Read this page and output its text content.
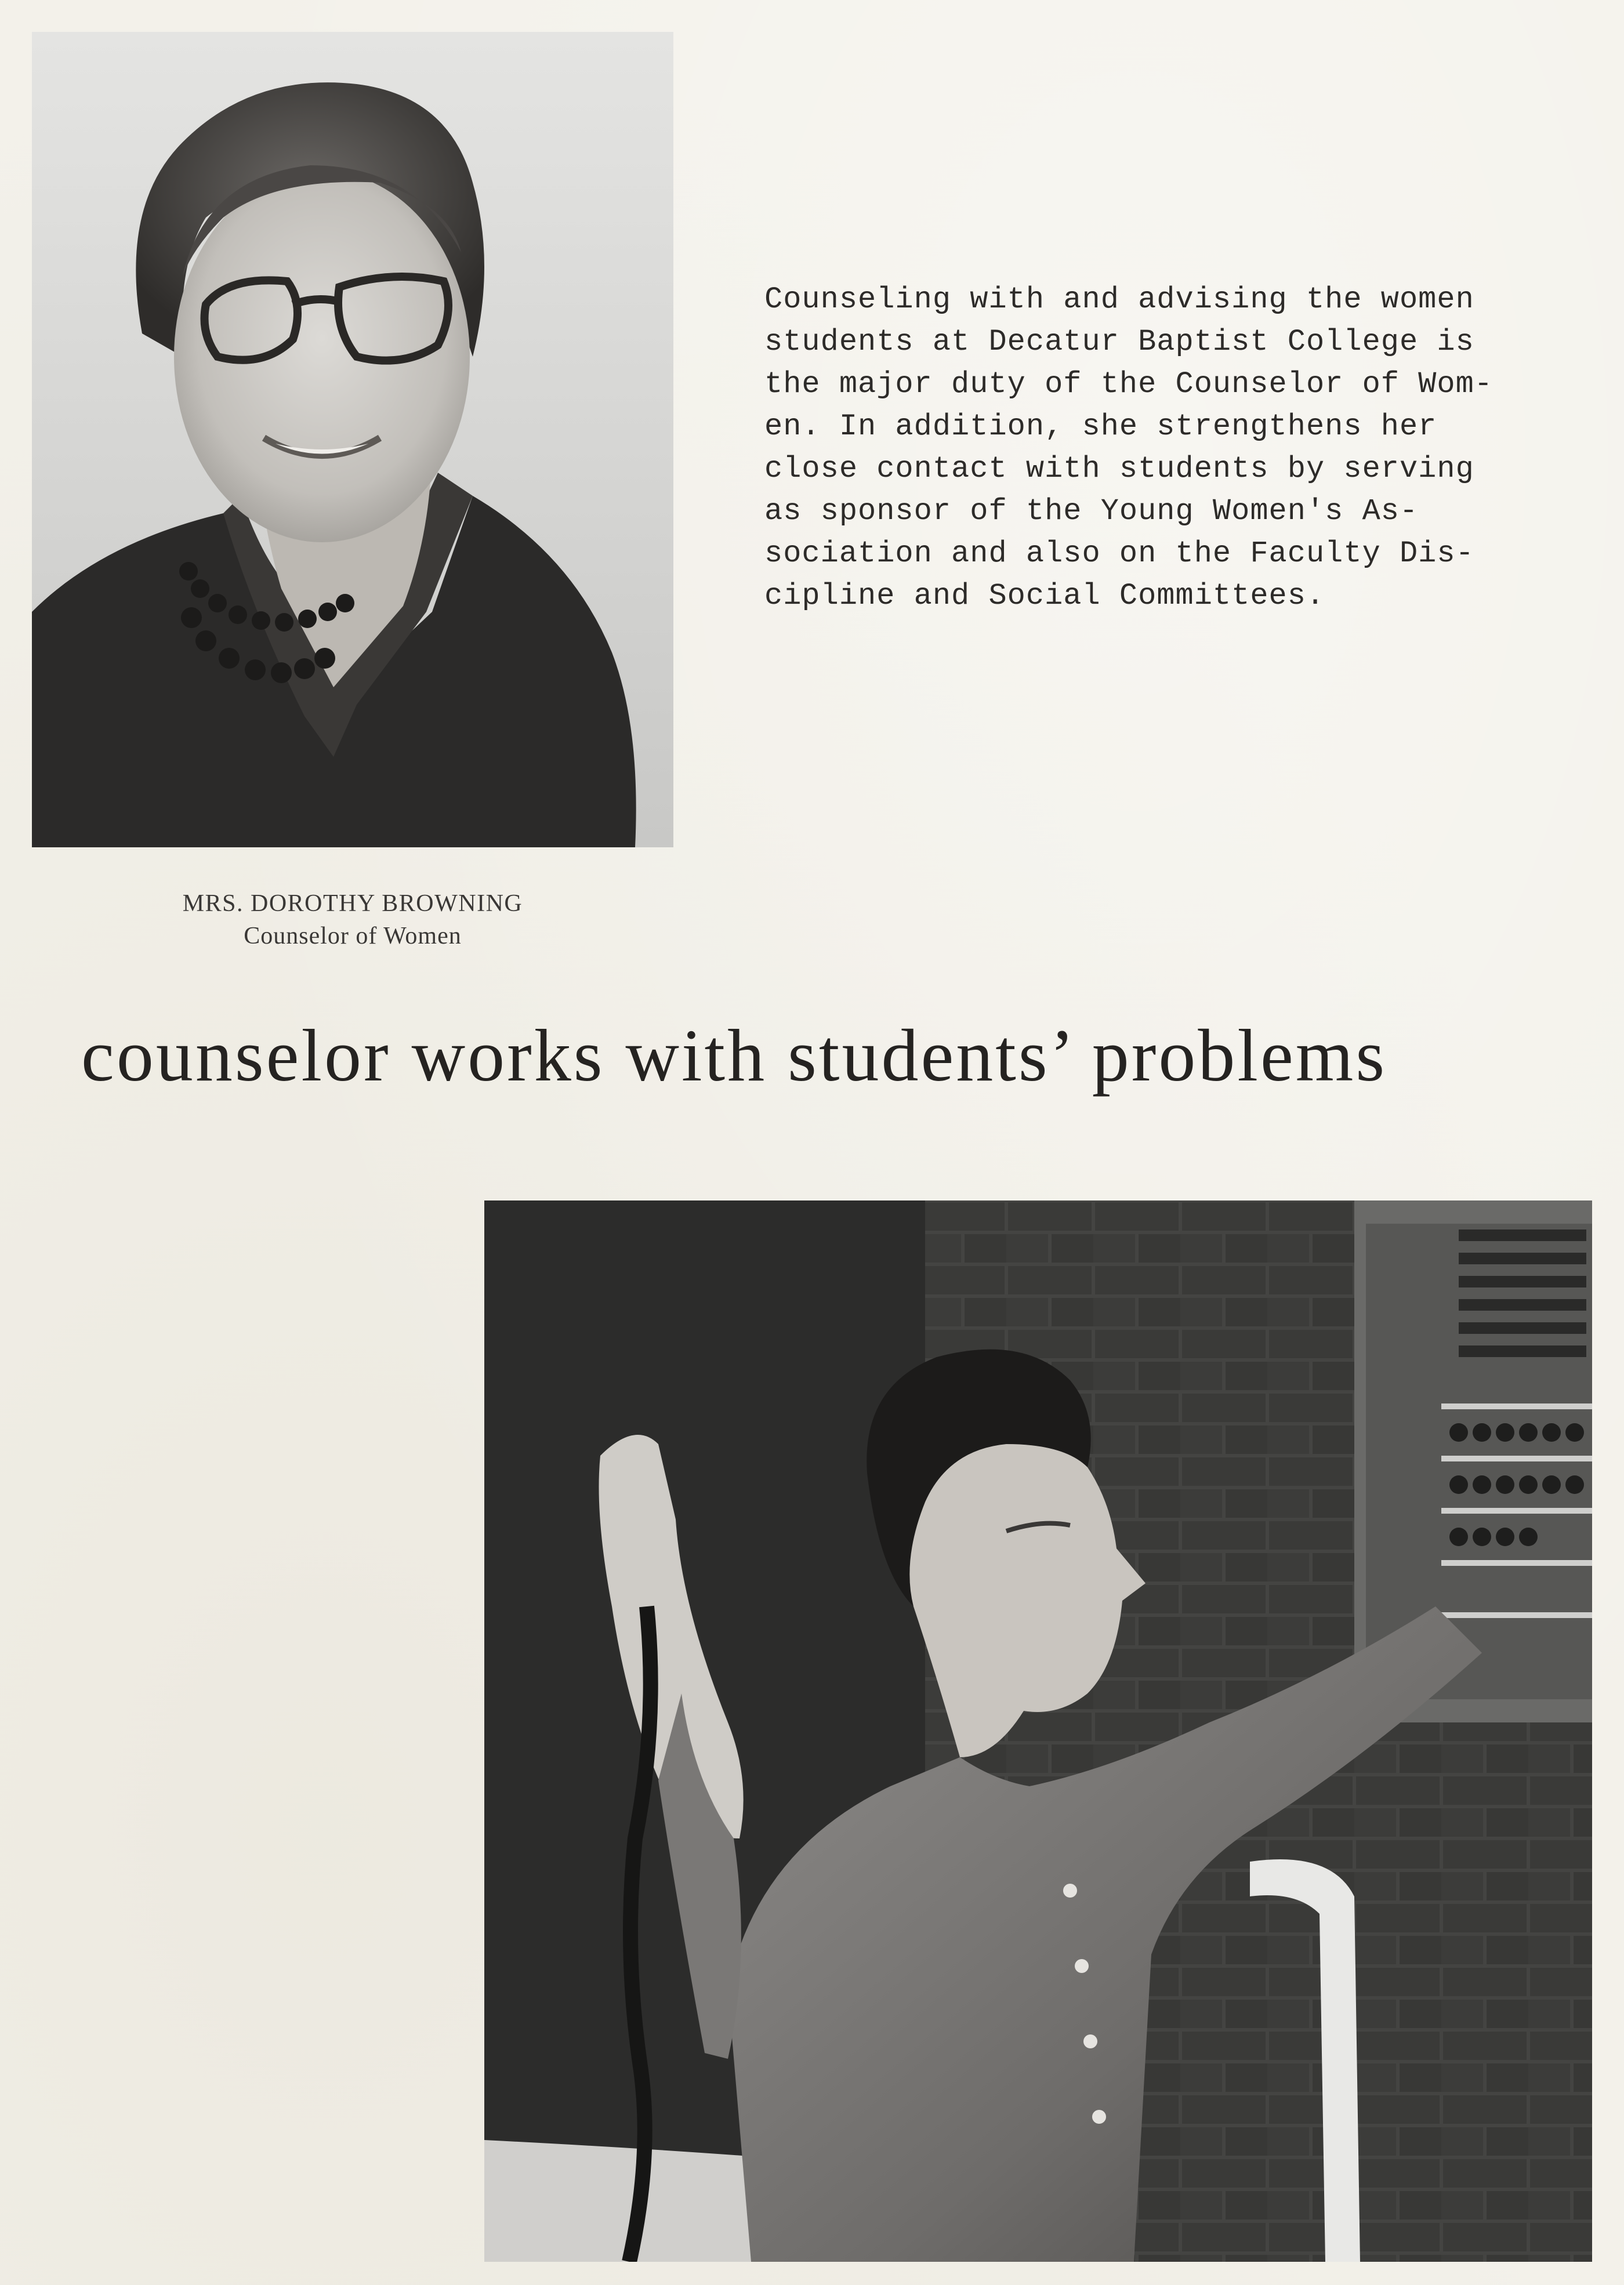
Counseling with and advising the women
students at Decatur Baptist College is
the major duty of the Counselor of Wom-
en. In addition, she strengthens her
close contact with students by serving
as sponsor of the Young Women's As-
sociation and also on the Faculty Dis-
cipline and Social Committees.

MRS. DOROTHY BROWNING
Counselor of Women
counselor works with students’ problems
